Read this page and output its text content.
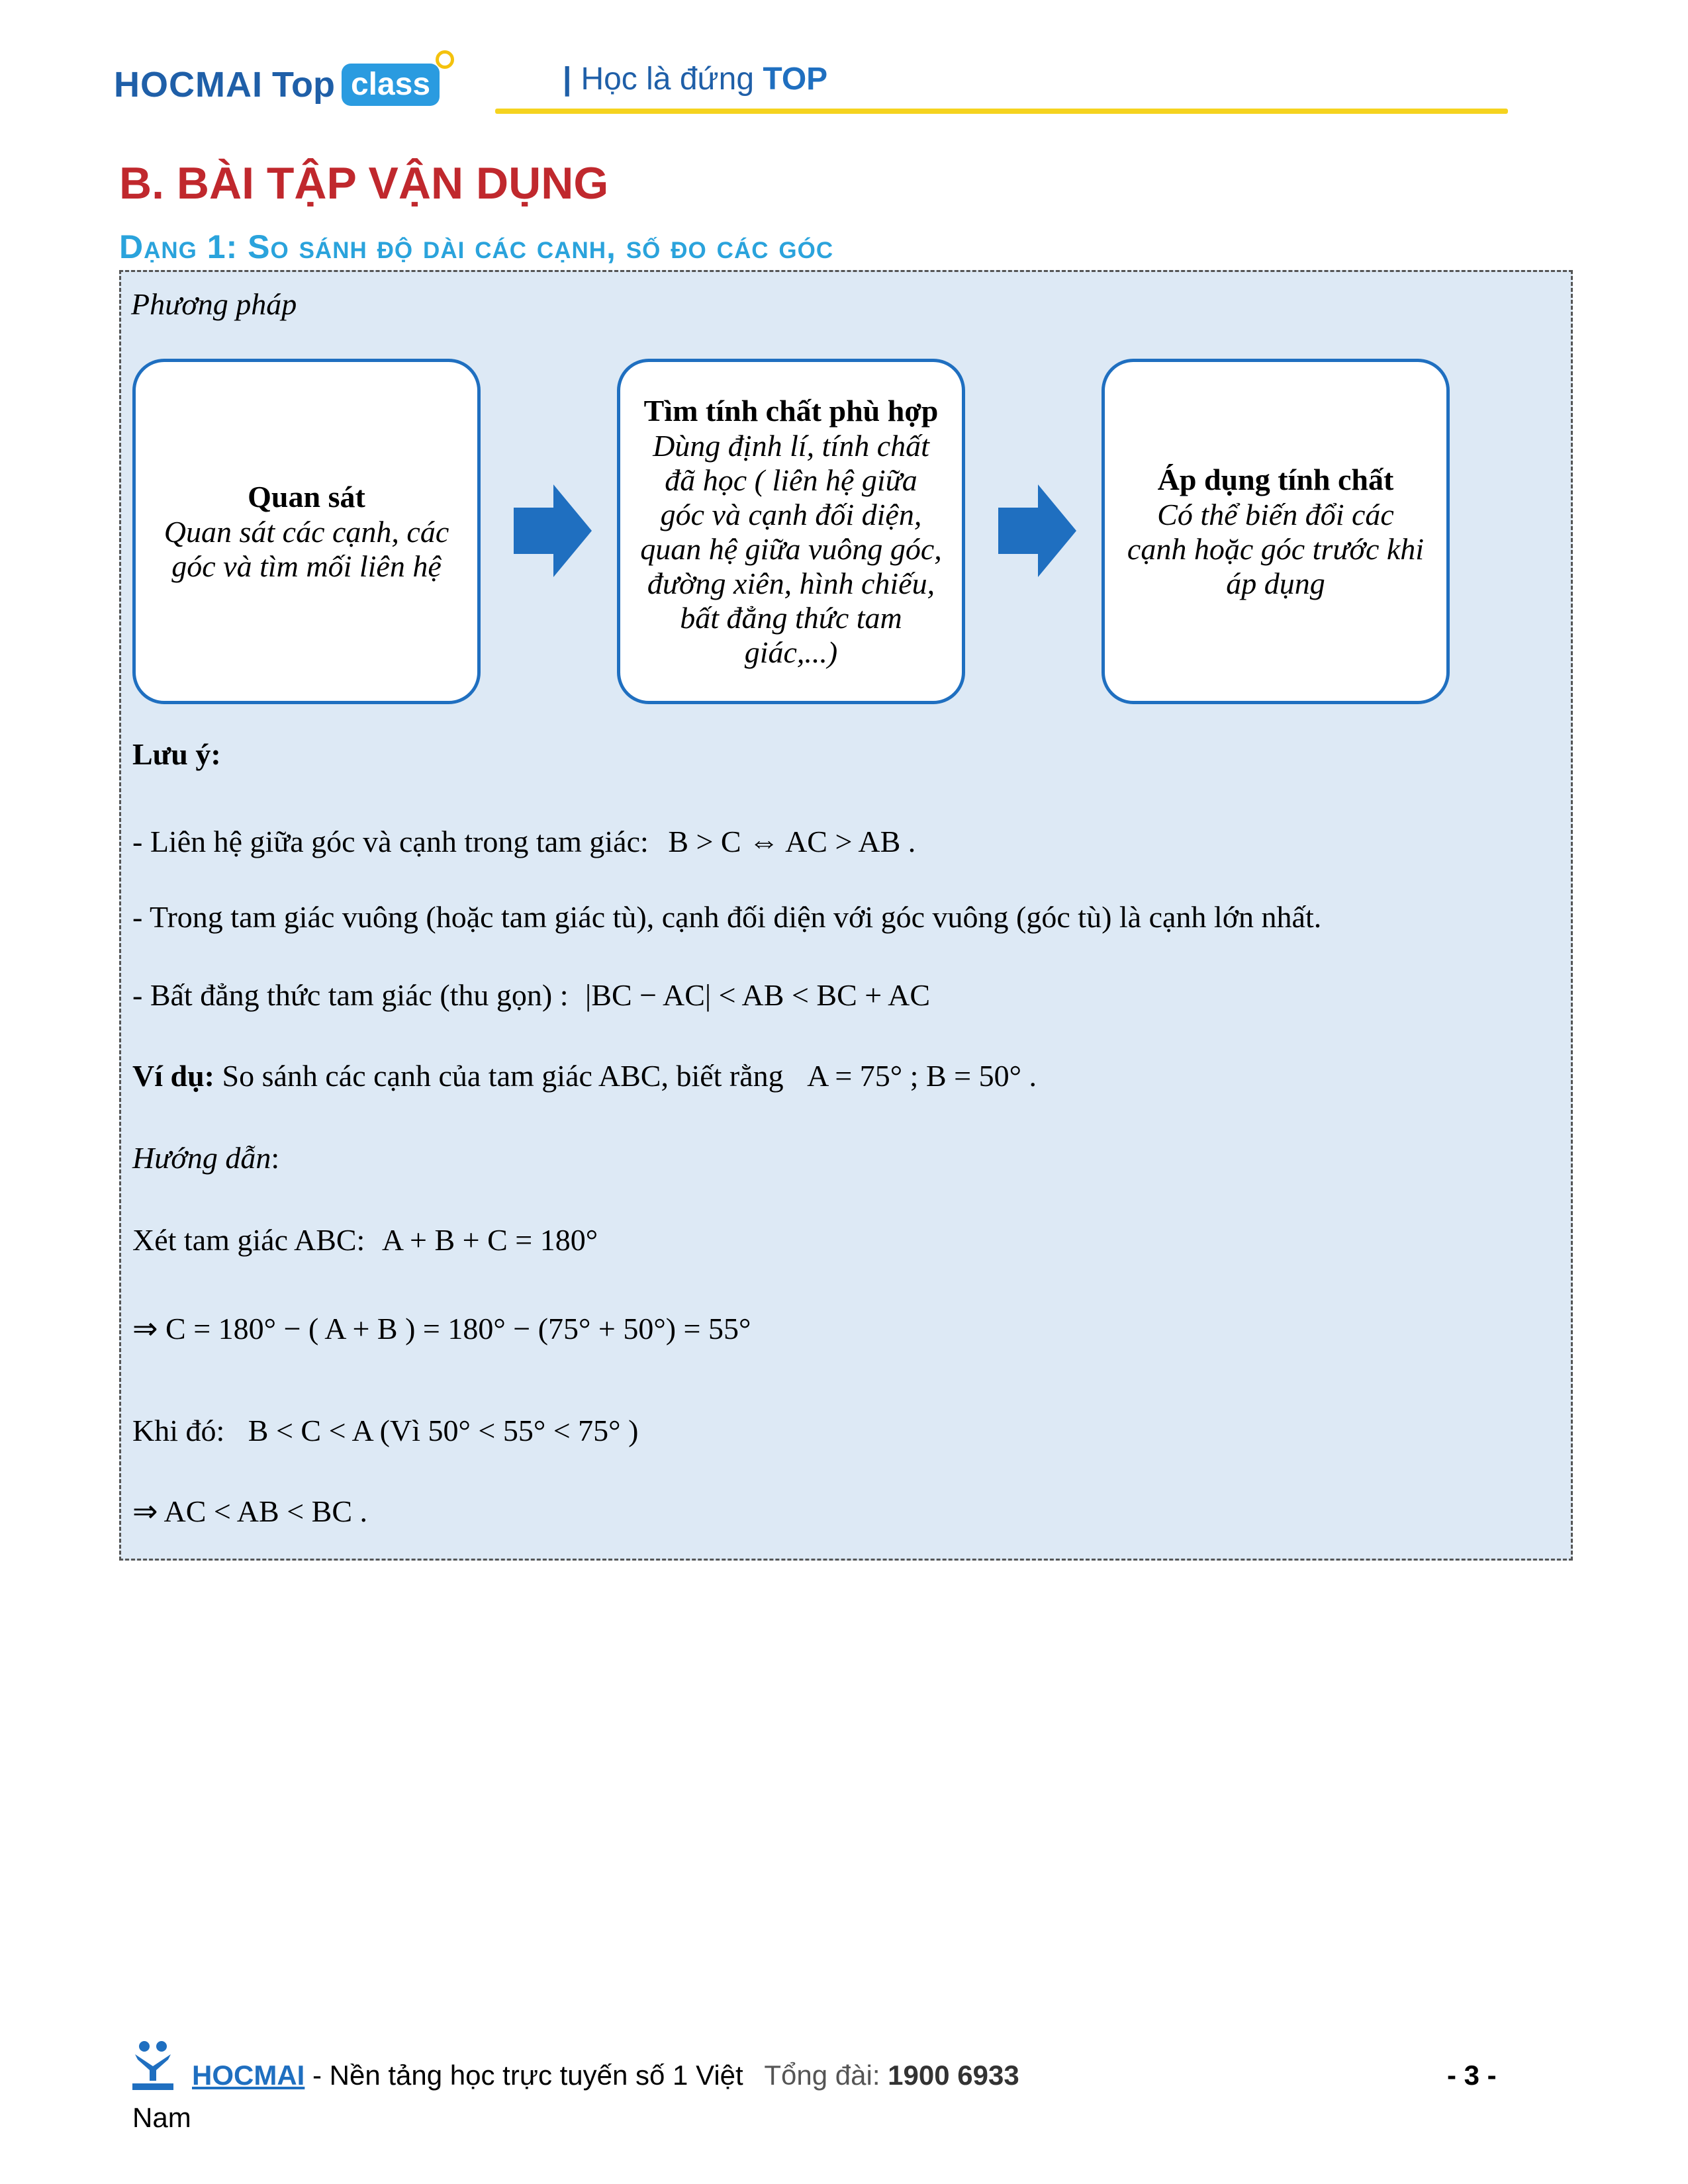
HOCMAI Top class	| Học là đứng TOP
B. BÀI TẬP VẬN DỤNG
Dạng 1: So sánh độ dài các cạnh, số đo các góc
Phương pháp
Quan sát
Quan sát các cạnh, các góc và tìm mối liên hệ
Tìm tính chất phù hợp
Dùng định lí, tính chất đã học ( liên hệ giữa góc và cạnh đối diện, quan hệ giữa vuông góc, đường xiên, hình chiếu, bất đẳng thức tam giác,...)
Áp dụng tính chất
Có thể biến đổi các cạnh hoặc góc trước khi áp dụng
Lưu ý:
- Liên hệ giữa góc và cạnh trong tam giác: B > C ⇔ AC > AB .
- Trong tam giác vuông (hoặc tam giác tù), cạnh đối diện với góc vuông (góc tù) là cạnh lớn nhất.
- Bất đẳng thức tam giác (thu gọn) : |BC − AC| < AB < BC + AC
Ví dụ: So sánh các cạnh của tam giác ABC, biết rằng A = 75° ; B = 50° .
Hướng dẫn:
Xét tam giác ABC: A + B + C = 180°
⇒ C = 180° − ( A + B ) = 180° − (75° + 50°) = 55°
Khi đó: B < C < A (Vì 50° < 55° < 75° )
⇒ AC < AB < BC .
HOCMAI - Nền tảng học trực tuyến số 1 Việt Tổng đài: 1900 6933
Nam
- 3 -
